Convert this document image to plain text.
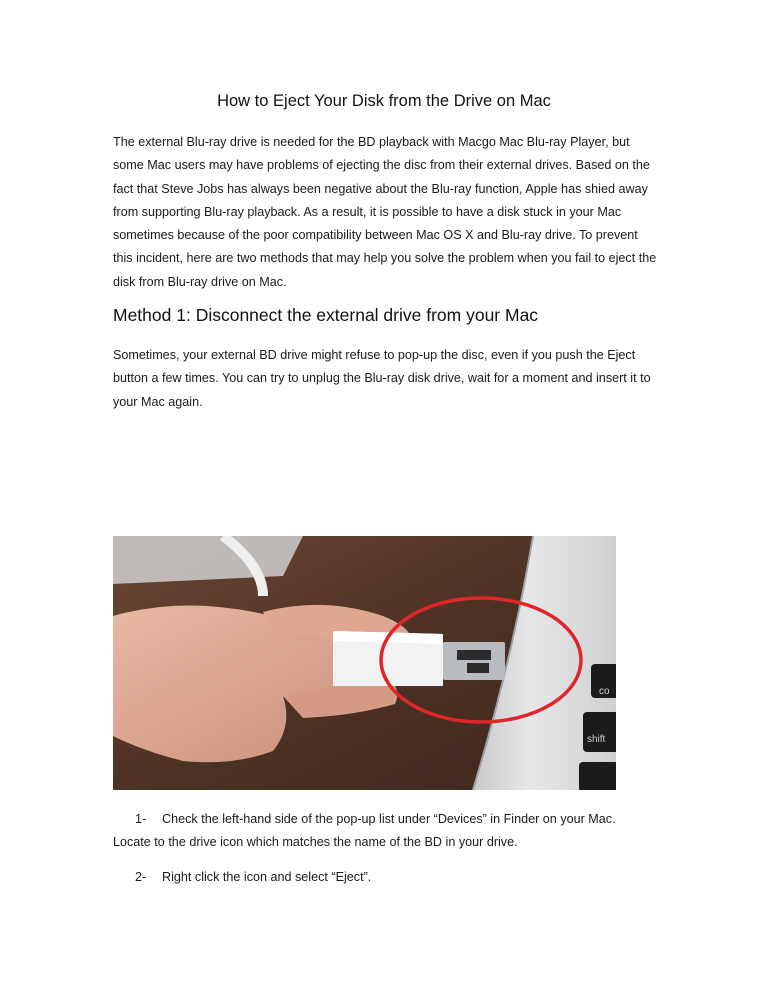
How to Eject Your Disk from the Drive on Mac

The external Blu-ray drive is needed for the BD playback with Macgo Mac Blu-ray Player, but some Mac users may have problems of ejecting the disc from their external drives. Based on the fact that Steve Jobs has always been negative about the Blu-ray function, Apple has shied away from supporting Blu-ray playback. As a result, it is possible to have a disk stuck in your Mac sometimes because of the poor compatibility between Mac OS X and Blu-ray drive. To prevent this incident, here are two methods that may help you solve the problem when you fail to eject the disk from Blu-ray drive on Mac.

Method 1: Disconnect the external drive from your Mac

Sometimes, your external BD drive might refuse to pop-up the disc, even if you push the Eject button a few times. You can try to unplug the Blu-ray disk drive, wait for a moment and insert it to your Mac again.

co
shift
1- Check the left-hand side of the pop-up list under “Devices” in Finder on your Mac.
Locate to the drive icon which matches the name of the BD in your drive.
2- Right click the icon and select “Eject”.
